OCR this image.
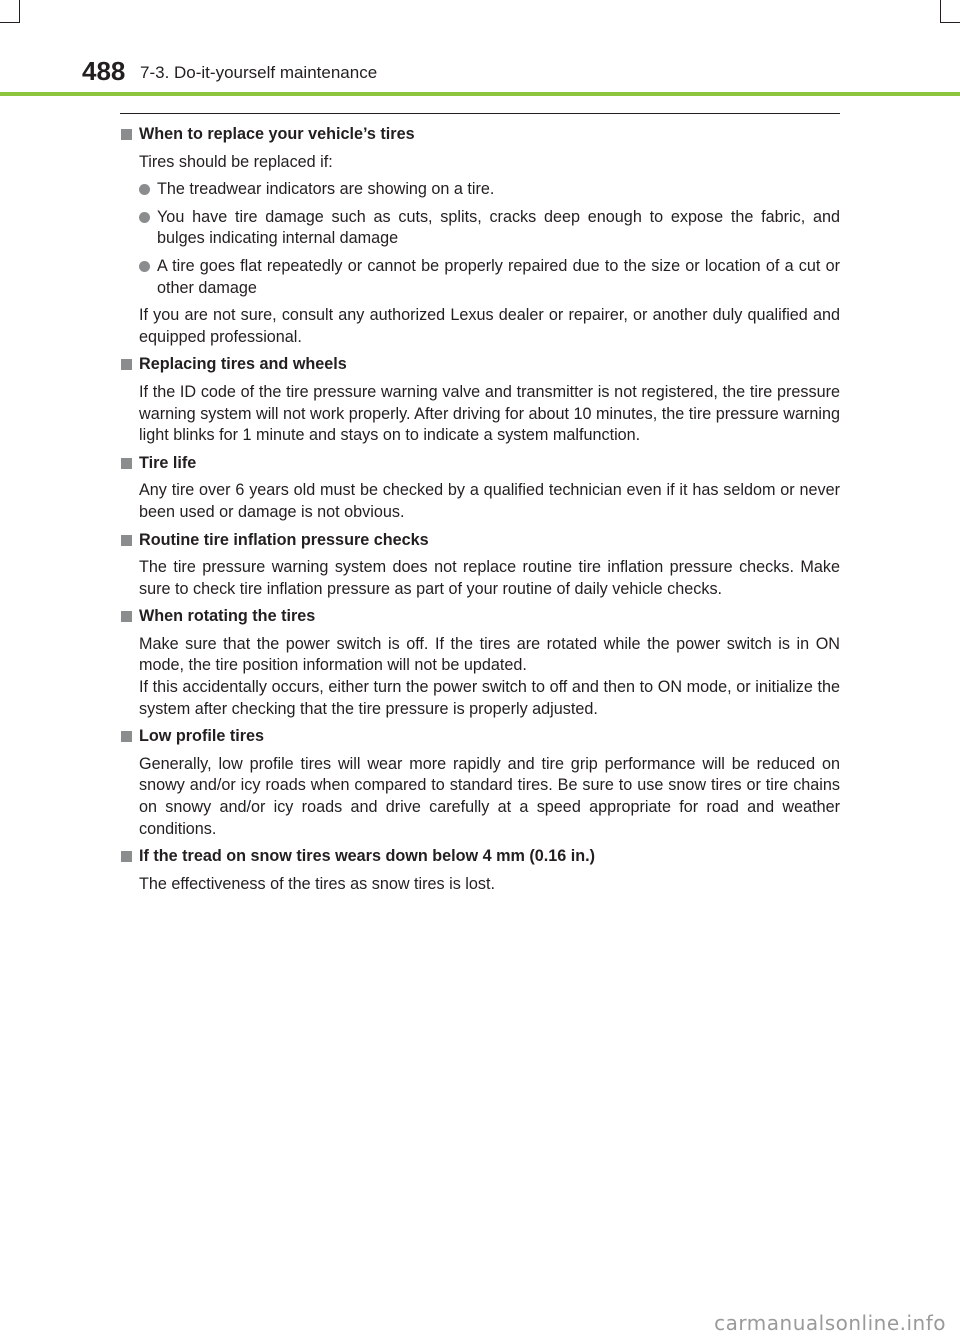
488 7-3. Do-it-yourself maintenance
When to replace your vehicle’s tires
Tires should be replaced if:
The treadwear indicators are showing on a tire.
You have tire damage such as cuts, splits, cracks deep enough to expose the fabric, and bulges indicating internal damage
A tire goes flat repeatedly or cannot be properly repaired due to the size or location of a cut or other damage
If you are not sure, consult any authorized Lexus dealer or repairer, or another duly qualified and equipped professional.
Replacing tires and wheels
If the ID code of the tire pressure warning valve and transmitter is not registered, the tire pressure warning system will not work properly. After driving for about 10 minutes, the tire pressure warning light blinks for 1 minute and stays on to indicate a system malfunction.
Tire life
Any tire over 6 years old must be checked by a qualified technician even if it has seldom or never been used or damage is not obvious.
Routine tire inflation pressure checks
The tire pressure warning system does not replace routine tire inflation pressure checks. Make sure to check tire inflation pressure as part of your routine of daily vehicle checks.
When rotating the tires
Make sure that the power switch is off. If the tires are rotated while the power switch is in ON mode, the tire position information will not be updated.
If this accidentally occurs, either turn the power switch to off and then to ON mode, or initialize the system after checking that the tire pressure is properly adjusted.
Low profile tires
Generally, low profile tires will wear more rapidly and tire grip performance will be reduced on snowy and/or icy roads when compared to standard tires. Be sure to use snow tires or tire chains on snowy and/or icy roads and drive carefully at a speed appropriate for road and weather conditions.
If the tread on snow tires wears down below 4 mm (0.16 in.)
The effectiveness of the tires as snow tires is lost.
carmanualsonline.info
